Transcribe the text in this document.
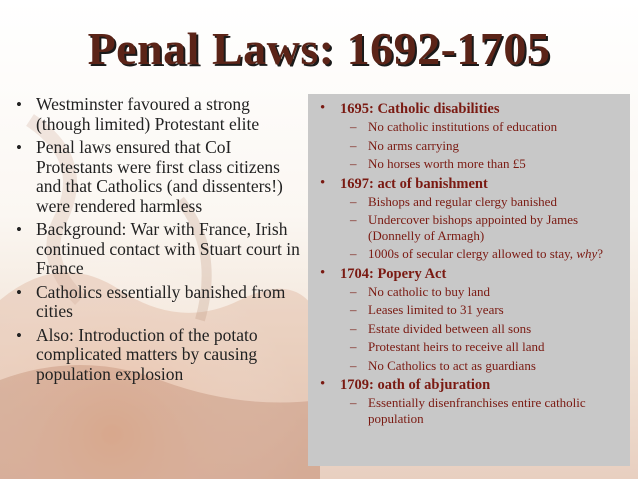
Penal Laws: 1692-1705
• Westminster favoured a strong (though limited) Protestant elite
• Penal laws ensured that CoI Protestants were first class citizens and that Catholics (and dissenters!) were rendered harmless
• Background: War with France, Irish continued contact with Stuart court in France
• Catholics essentially banished from cities
• Also: Introduction of the potato complicated matters by causing population explosion
• 1695: Catholic disabilities
– No catholic institutions of education
– No arms carrying
– No horses worth more than £5
• 1697: act of banishment
– Bishops and regular clergy banished
– Undercover bishops appointed by James (Donnelly of Armagh)
– 1000s of secular clergy allowed to stay, why?
• 1704: Popery Act
– No catholic to buy land
– Leases limited to 31 years
– Estate divided between all sons
– Protestant heirs to receive all land
– No Catholics to act as guardians
• 1709: oath of abjuration
– Essentially disenfranchises entire catholic population
